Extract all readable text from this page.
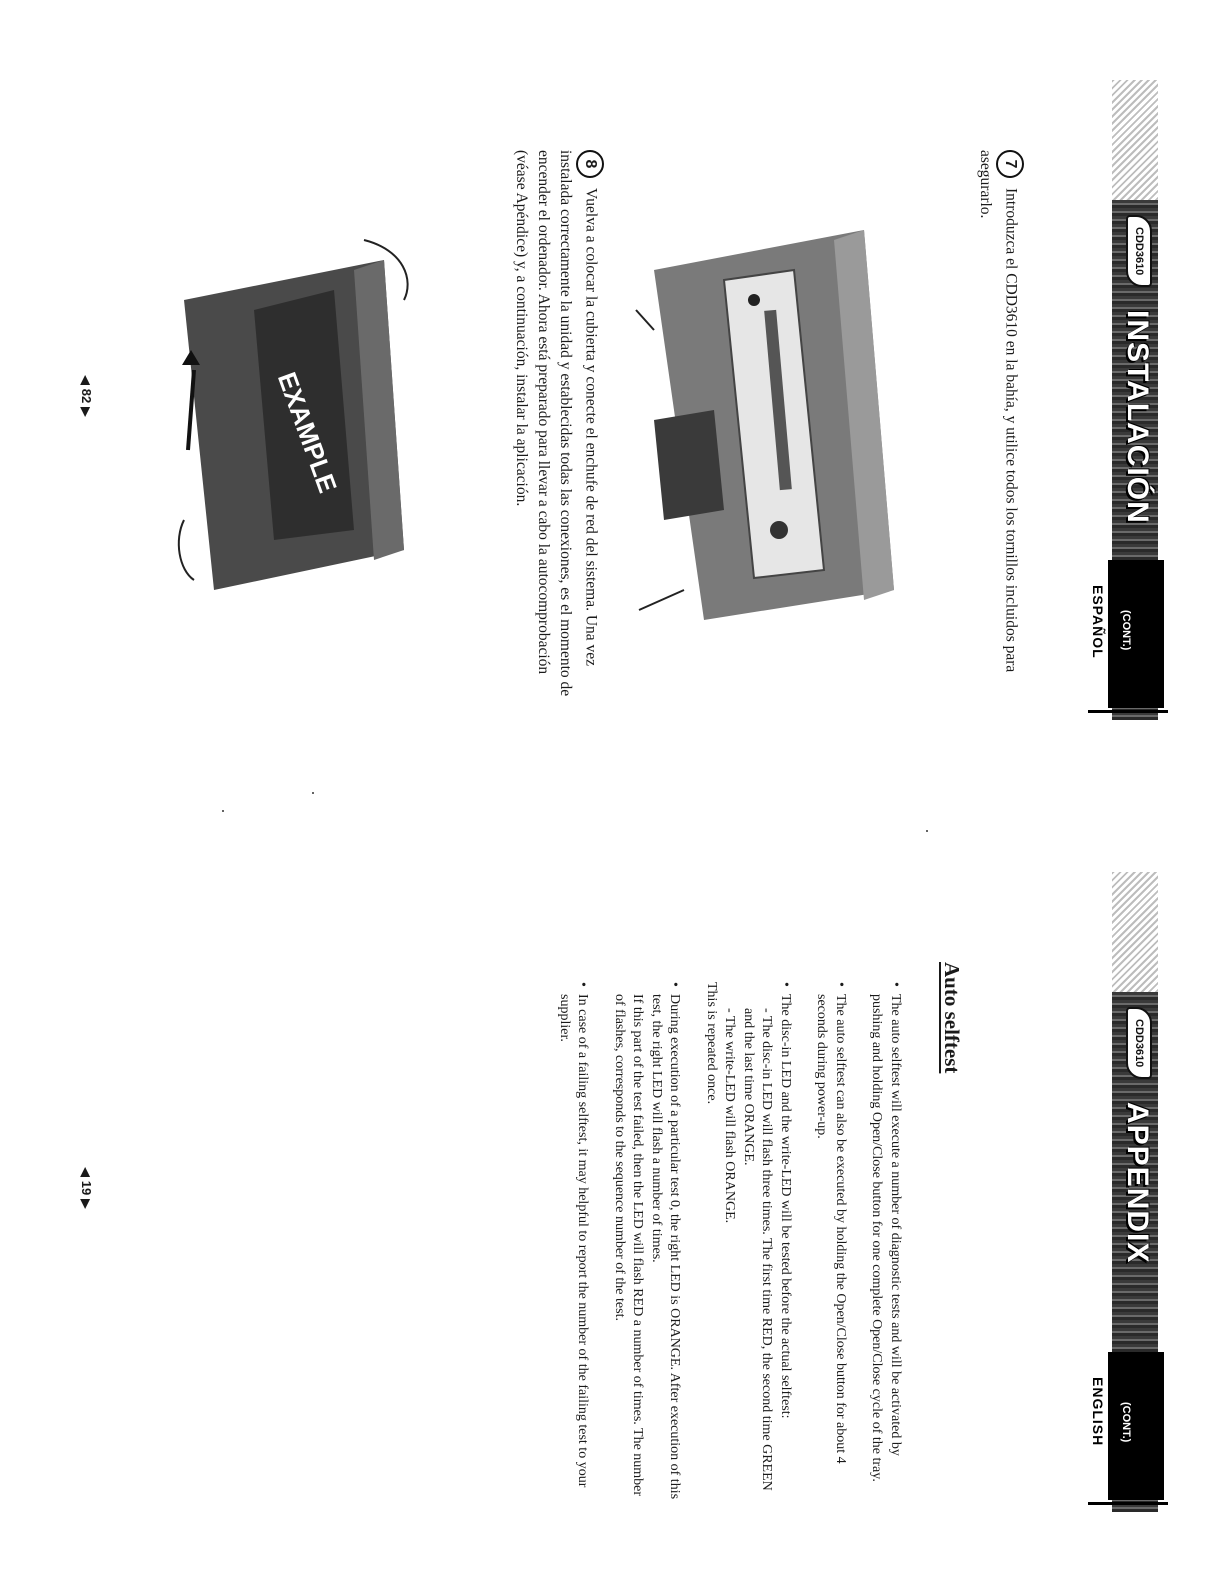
CDD3610
INSTALACIÓN
(CONT.)
ESPAÑOL
7Introduzca el CDD3610 en la bahía, y utilice todos los tornillos incluidos para asegurarlo.
8Vuelva a colocar la cubierta y conecte el enchufe de red del sistema. Una vez instalada correctamente la unidad y establecidas todas las conexiones, es el momento de encender el ordenador. Ahora está preparado para llevar a cabo la autocomprobación (véase Apéndice) y, a continuación, instalar la aplicación.
EXAMPLE
◀82▶
CDD3610
APPENDIX
(CONT.)
ENGLISH
Auto selftest

• The auto selftest will execute a number of diagnostic tests and will be activated by pushing and holding Open/Close button for one complete Open/Close cycle of the tray.

• The auto selftest can also be executed by holding the Open/Close button for about 4 seconds during power-up.

• The disc-in LED and the write-LED will be tested before the actual selftest:

- The disc-in LED will flash three times. The first time RED, the second time GREEN and the last time ORANGE.

- The write-LED will flash ORANGE.

This is repeated once.

• During execution of a particular test 0, the right LED is ORANGE. After execution of this test, the right LED will flash a number of times.

If this part of the test failed, then the LED will flash RED a number of times. The number of flashes, corresponds to the sequence number of the test.

• In case of a failing selftest, it may helpful to report the number of the failing test to your supplier.

◀19▶
